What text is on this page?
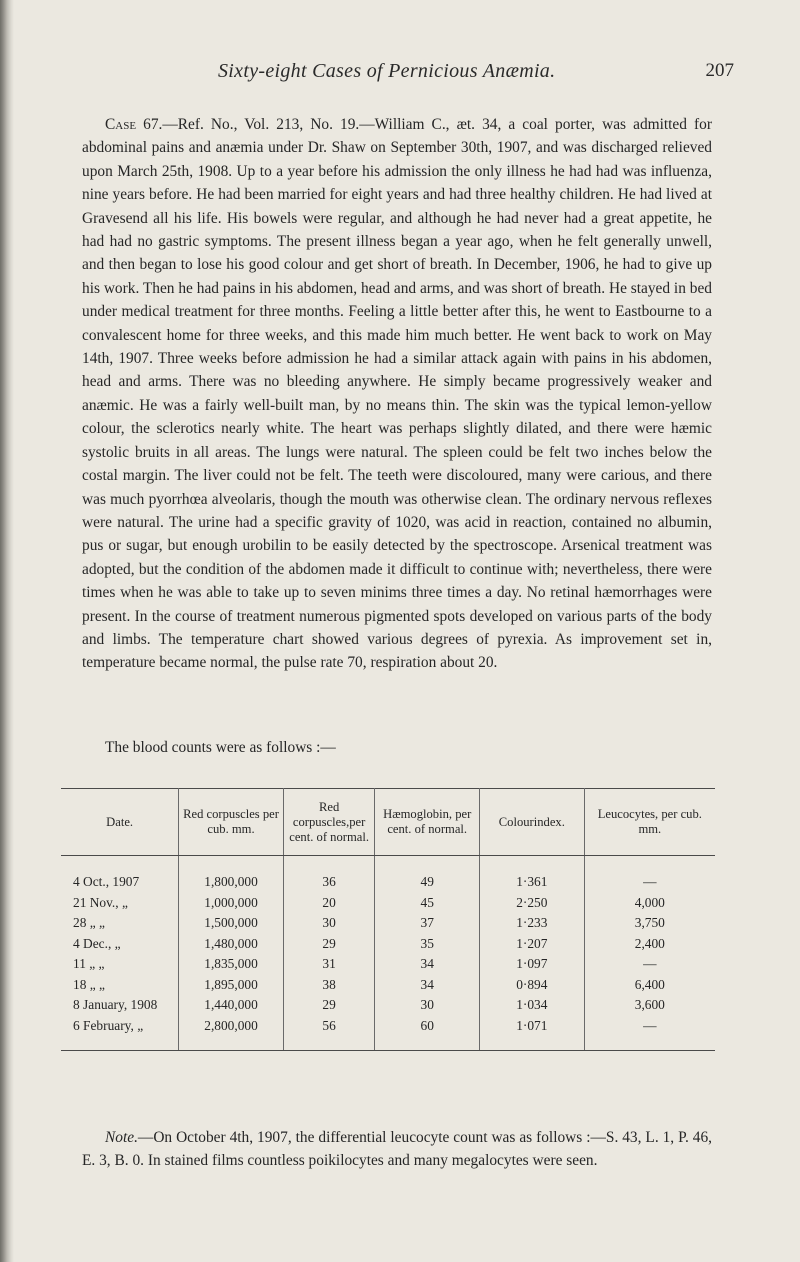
Sixty-eight Cases of Pernicious Anæmia.	207

Case 67.—Ref. No., Vol. 213, No. 19.—William C., æt. 34, a coal porter, was admitted for abdominal pains and anæmia under Dr. Shaw on September 30th, 1907, and was discharged relieved upon March 25th, 1908. Up to a year before his admission the only illness he had had was influenza, nine years before. He had been married for eight years and had three healthy children. He had lived at Gravesend all his life. His bowels were regular, and although he had never had a great appetite, he had had no gastric symptoms. The present illness began a year ago, when he felt generally unwell, and then began to lose his good colour and get short of breath. In December, 1906, he had to give up his work. Then he had pains in his abdomen, head and arms, and was short of breath. He stayed in bed under medical treatment for three months. Feeling a little better after this, he went to Eastbourne to a convalescent home for three weeks, and this made him much better. He went back to work on May 14th, 1907. Three weeks before admission he had a similar attack again with pains in his abdomen, head and arms. There was no bleeding anywhere. He simply became progressively weaker and anæmic. He was a fairly well-built man, by no means thin. The skin was the typical lemon-yellow colour, the sclerotics nearly white. The heart was perhaps slightly dilated, and there were hæmic systolic bruits in all areas. The lungs were natural. The spleen could be felt two inches below the costal margin. The liver could not be felt. The teeth were discoloured, many were carious, and there was much pyorrhœa alveolaris, though the mouth was otherwise clean. The ordinary nervous reflexes were natural. The urine had a specific gravity of 1020, was acid in reaction, contained no albumin, pus or sugar, but enough urobilin to be easily detected by the spectroscope. Arsenical treatment was adopted, but the condition of the abdomen made it difficult to continue with; nevertheless, there were times when he was able to take up to seven minims three times a day. No retinal hæmorrhages were present. In the course of treatment numerous pigmented spots developed on various parts of the body and limbs. The temperature chart showed various degrees of pyrexia. As improvement set in, temperature became normal, the pulse rate 70, respiration about 20.

The blood counts were as follows :—
Date.	Red corpuscles per cub. mm.	Red corpuscles,per cent. of normal.	Hæmoglobin, per cent. of normal.	Colourindex.	Leucocytes, per cub. mm.
4 Oct., 1907	1,800,000	36	49	1·361	—
21 Nov., „	1,000,000	20	45	2·250	4,000
28 „ „	1,500,000	30	37	1·233	3,750
4 Dec., „	1,480,000	29	35	1·207	2,400
11 „ „	1,835,000	31	34	1·097	—
18 „ „	1,895,000	38	34	0·894	6,400
8 January, 1908	1,440,000	29	30	1·034	3,600
6 February, „	2,800,000	56	60	1·071	—

Note.—On October 4th, 1907, the differential leucocyte count was as follows :—S. 43, L. 1, P. 46, E. 3, B. 0. In stained films countless poikilocytes and many megalocytes were seen.
